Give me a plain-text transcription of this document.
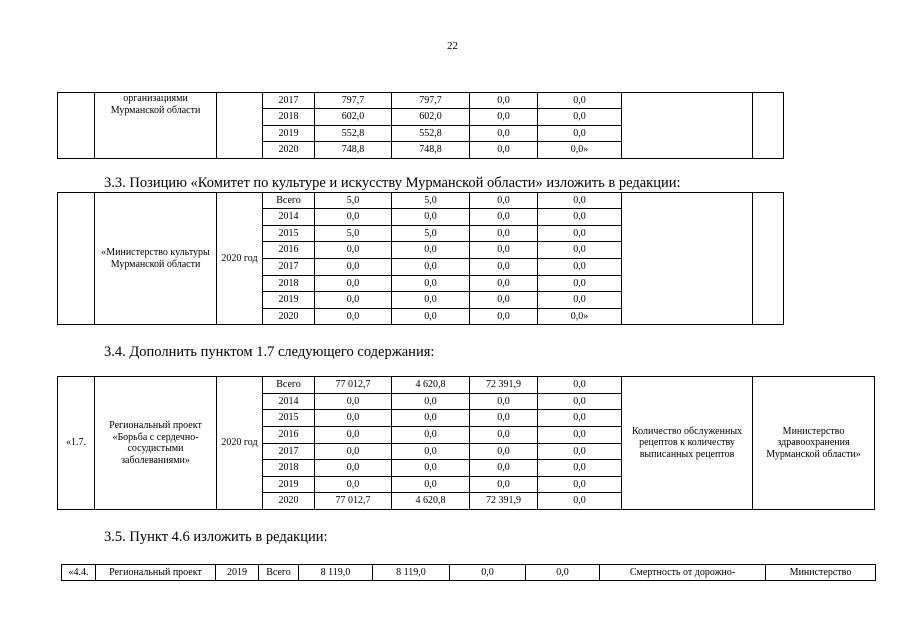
22
	организациями Мурманской области		2017	797,7	797,7	0,0	0,0		
			2018	602,0	602,0	0,0	0,0		
			2019	552,8	552,8	0,0	0,0		
			2020	748,8	748,8	0,0	0,0»		
3.3. Позицию «Комитет по культуре и искусству Мурманской области» изложить в редакции:
	«Министерство культуры Мурманской области	2020 год	Всего	5,0	5,0	0,0	0,0		
			2014	0,0	0,0	0,0	0,0		
			2015	5,0	5,0	0,0	0,0		
			2016	0,0	0,0	0,0	0,0		
			2017	0,0	0,0	0,0	0,0		
			2018	0,0	0,0	0,0	0,0		
			2019	0,0	0,0	0,0	0,0		
			2020	0,0	0,0	0,0	0,0»		
3.4. Дополнить пунктом 1.7 следующего содержания:
«1.7.	Региональный проект «Борьба с сердечно-сосудистыми заболеваниями»	2020 год	Всего	77 012,7	4 620,8	72 391,9	0,0	Количество обслуженных рецептов к количеству выписанных рецептов	Министерство здравоохранения Мурманской области»
			2014	0,0	0,0	0,0	0,0		
			2015	0,0	0,0	0,0	0,0		
			2016	0,0	0,0	0,0	0,0		
			2017	0,0	0,0	0,0	0,0		
			2018	0,0	0,0	0,0	0,0		
			2019	0,0	0,0	0,0	0,0		
			2020	77 012,7	4 620,8	72 391,9	0,0		
3.5. Пункт 4.6 изложить в редакции:
«4.4.	Региональный проект	2019	Всего	8 119,0	8 119,0	0,0	0,0	Смертность от дорожно-	Министерство
